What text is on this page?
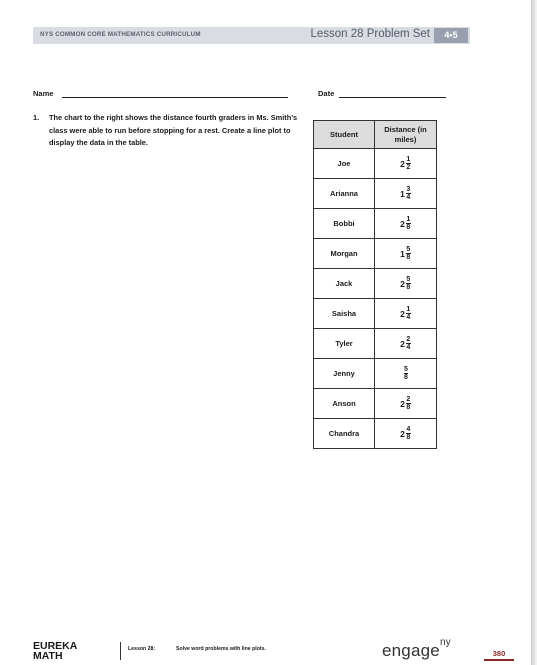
NYS COMMON CORE MATHEMATICS CURRICULUM	Lesson 28 Problem Set	4•5
Name	Date
1. The chart to the right shows the distance fourth graders in Ms. Smith’s class were able to run before stopping for a rest. Create a line plot to display the data in the table.
Student	Distance (in miles)
Joe	$2 \frac{1}{2}$

Arianna	$1 \frac{3}{4}$

Bobbi	$2 \frac{1}{8}$

Morgan	$1 \frac{5}{8}$

Jack	$2 \frac{5}{8}$

Saisha	$2 \frac{1}{4}$

Tyler	$2 \frac{2}{4}$

Jenny	$\frac{5}{8}$

Anson	$2 \frac{2}{8}$

Chandra	$2 \frac{4}{8}$
EUREKA
MATH
Lesson 28:	Solve word problems with line plots.	engage$^{ny}$
380
